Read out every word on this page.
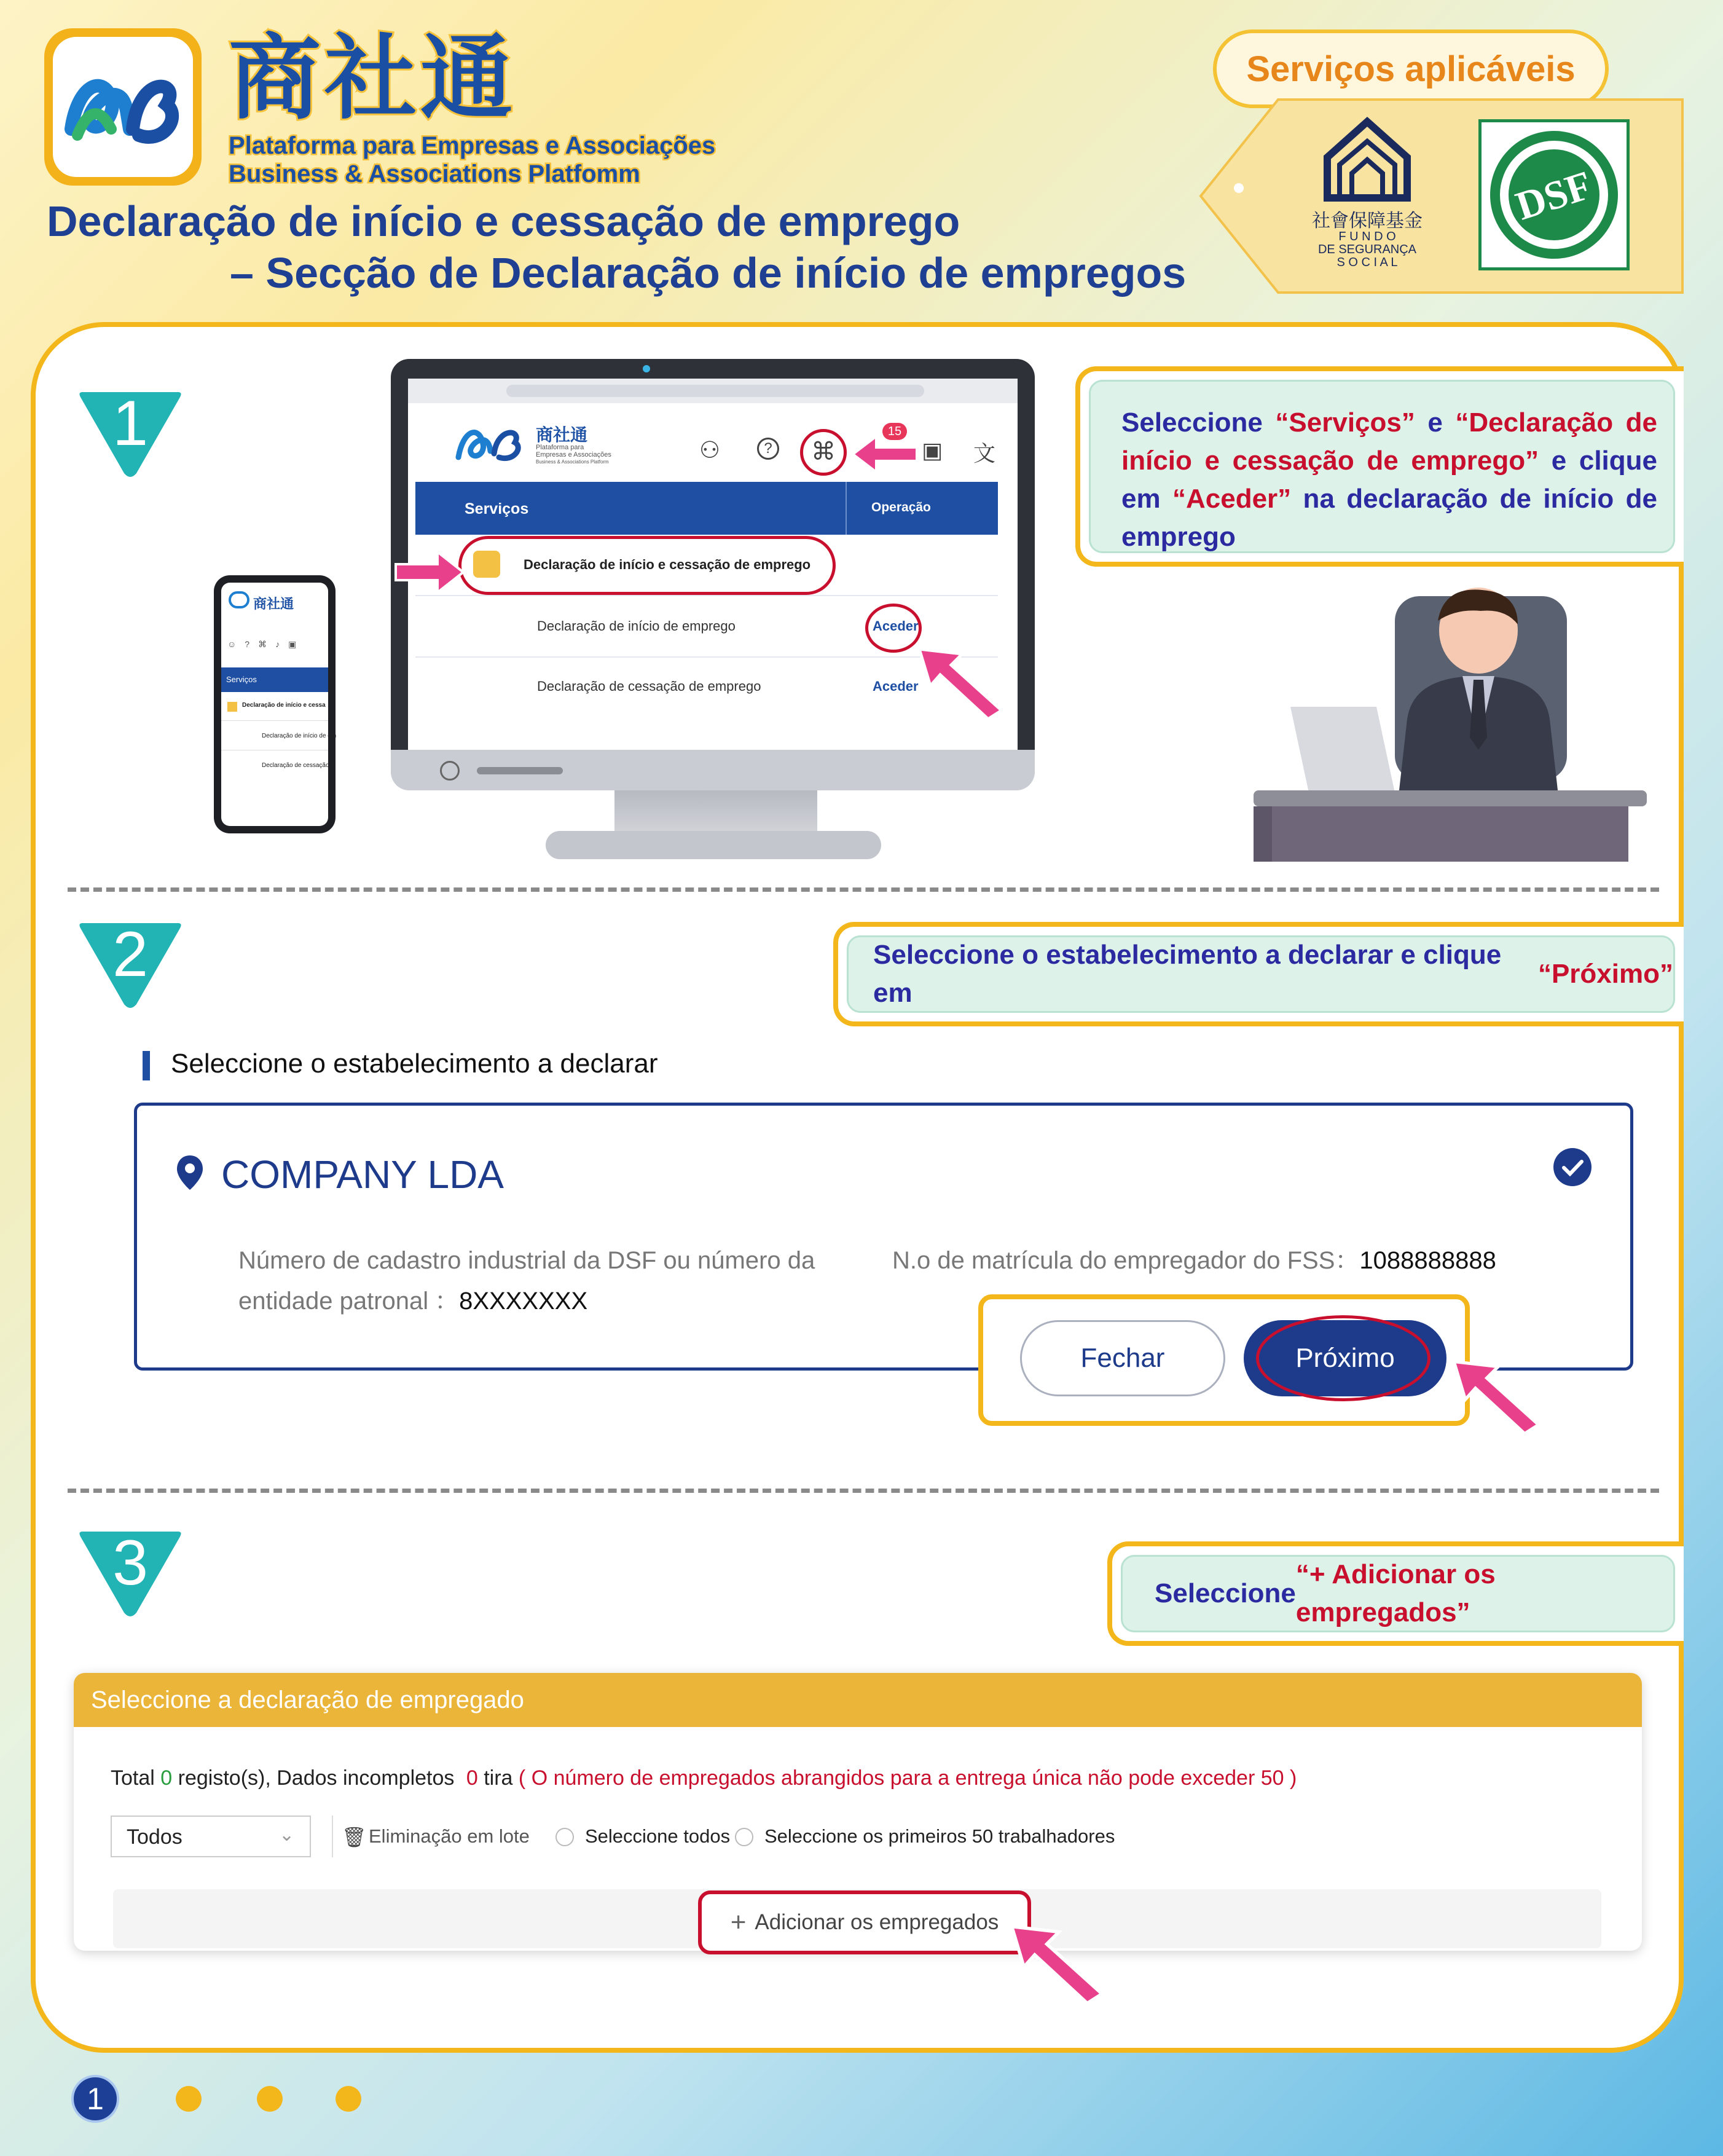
商社通
Plataforma para Empresas e Associações
Business & Associations Platfomm
Declaração de início e cessação de emprego
– Secção de Declaração de início de empregos
Serviços aplicáveis
社會保障基金
F U N D O
DE SEGURANÇA
S O C I A L
DSF
1	Seleccione “Serviços” e “Declaração de início e cessação de emprego” e clique em “Aceder” na declaração de início de emprego
商社通
Plataforma para
Empresas e Associações
Business & Associations Platform	⚇	?	⌘
15
▣ 文
Serviços	Operação
Declaração de início e cessação de emprego
Declaração de início de emprego	Aceder
Declaração de cessação de emprego	Aceder
商社通
☺?⌘♪▣
Serviços
Declaração de início e cessa
Declaração de início de em
Declaração de cessação d
2	Seleccione o estabelecimento a declarar e clique em
“Próximo”
Seleccione o estabelecimento a declarar
COMPANY LDA
Número de cadastro industrial da DSF ou número da
entidade patronal ：8XXXXXXX
N.o de matrícula do empregador do FSS：1088888888
Fechar	Próximo
3	Seleccione
“+ Adicionar os empregados”
Seleccione a declaração de empregado
Total 0 registo(s), Dados incompletos 0 tira ( O número de empregados abrangidos para a entrega única não pode exceder 50 )
Todos	⌄ 🗑 Eliminação em lote	Seleccione todos Seleccione os primeiros 50 trabalhadores
+ Adicionar os empregados
1
